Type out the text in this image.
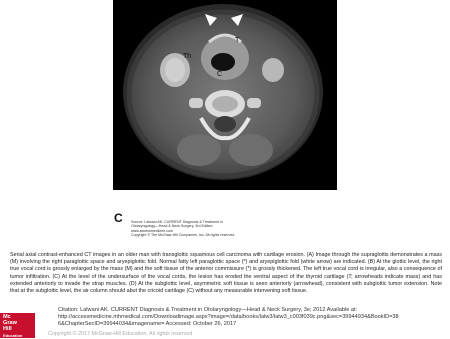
Th
C
T
C Source: Lalwani AK: CURRENT Diagnosis & Treatment in
Otolaryngology—Head & Neck Surgery, 3rd Edition:
www.accessmedicine.com
Copyright © The McGraw-Hill Companies, Inc. All rights reserved.
Serial axial contrast-enhanced CT images in an older man with transglottic squamous cell carcinoma with cartilage erosion. (A) Image through the supraglottis demonstrates a mass (M) involving the right paraglottic space and aryepiglottic fold. Normal fatty left paraglottic space (*) and aryepiglottic fold (white arrow) are indicated. (B) At the glottic level, the right true vocal cord is grossly enlarged by the mass (M) and the soft tissue of the anterior commissure (*) is grossly thickened. The left true vocal cord is irregular, also a consequence of tumor infiltration. (C) At the level of the undersurface of the vocal cords, the lesion has eroded the ventral aspect of the thyroid cartilage (T; arrowheads indicate mass) and has extended anteriorly to invade the strap muscles. (D) At the subglottic level, asymmetric soft tissue is seen anteriorly (arrowhead), consistent with subglottic tumor extension. Note that at the subglottic level, the air column should abut the cricoid cartilage (C) without any measurable intervening soft tissue.
Mc
Graw
Hill
Education
Citation: Lalwani AK. CURRENT Diagnosis & Treatment in Otolaryngology—Head & Neck Surgery, 3e; 2012 Available at:
http://accessmedicine.mhmedical.com/Downloadimage.aspx?image=/data/books/lalw3/lalw3_c003f039c.png&sec=39944934&BookID=38
6&ChapterSecID=39944034&imagename= Accessed: October 26, 2017
Copyright © 2017 McGraw-Hill Education. All rights reserved
